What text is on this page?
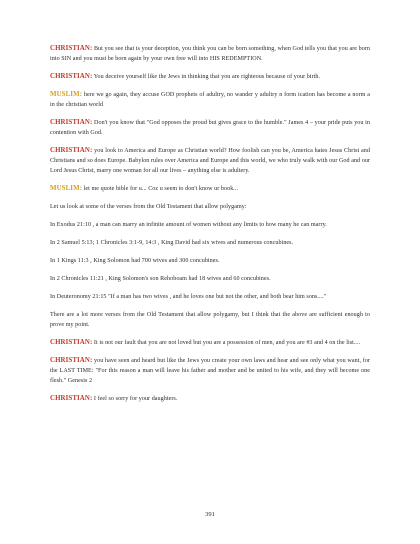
CHRISTIAN: But you see that is your deception, you think you can be born something, when God tells you that you are born into SIN and you must be born again by your own free will into HIS REDEMPTION.
CHRISTIAN: You deceive yourself like the Jews in thinking that you are righteous because of your birth.
MUSLIM: here we go again, they accuse GOD prophets of adultry, no wander y adultry n form ication has become a norm a in the christian world
CHRISTIAN: Don't you know that "God opposes the proud but gives grace to the humble." James 4 – your pride puts you in contention with God.
CHRISTIAN: you look to America and Europe as Christian world? How foolish can you be, America hates Jesus Christ and Christians and so does Europe. Babylon rules over America and Europe and this world, we who truly walk with our God and our Lord Jesus Christ, marry one woman for all our lives – anything else is adultery.
MUSLIM: let me quote bible for u... Coz u seem to don't know ur book...
Let us look at some of the verses from the Old Testament that allow polygamy:
In Exodus 21:10 , a man can marry an infinite amount of women without any limits to how many he can marry.
In 2 Samuel 5:13; 1 Chronicles 3:1-9, 14:3 , King David had six wives and numerous concubines.
In 1 Kings 11:3 , King Solomon had 700 wives and 300 concubines.
In 2 Chronicles 11:21 , King Solomon's son Rehoboam had 18 wives and 60 concubines.
In Deuteronomy 21:15 "If a man has two wives , and he loves one but not the other, and both bear him sons...."
There are a lot more verses from the Old Testament that allow polygamy, but I think that the above are sufficient enough to prove my point.
CHRISTIAN: It is not our fault that you are not loved but you are a possession of men, and you are #3 and 4 on the list....
CHRISTIAN: you have seen and heard but like the Jews you create your own laws and hear and see only what you want, for the LAST TIME: "For this reason a man will leave his father and mother and be united to his wife, and they will become one flesh." Genesis 2
CHRISTIAN: I feel so sorry for your daughters.
391
